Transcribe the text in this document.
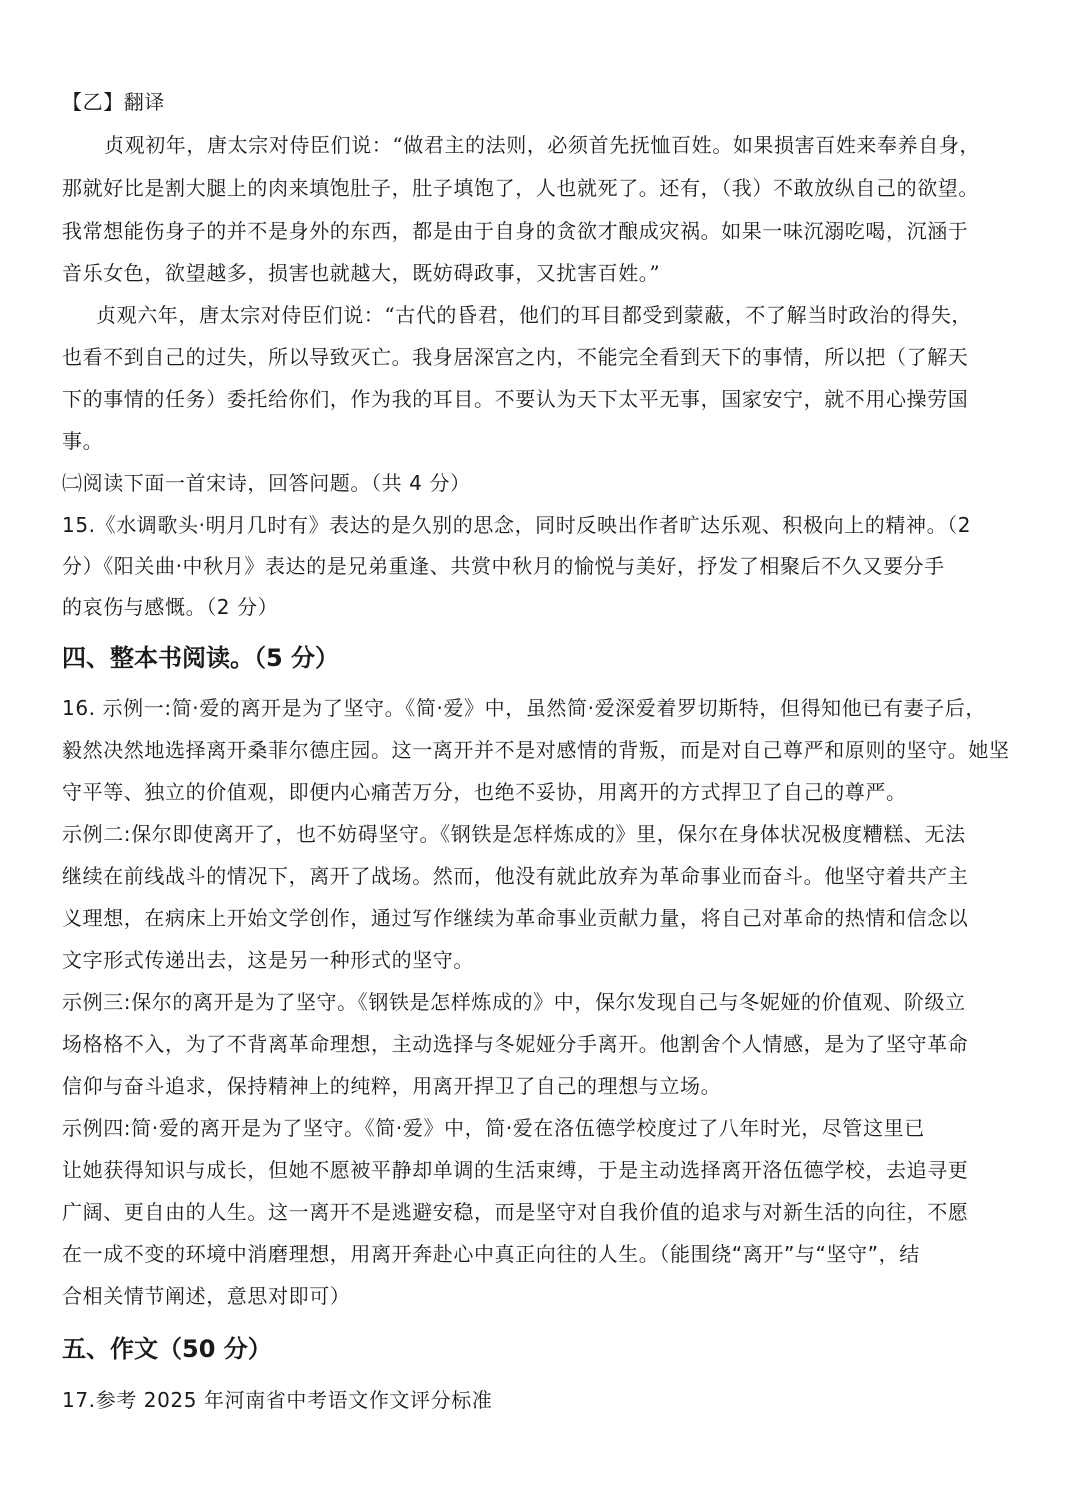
【乙】翻译
贞观初年，唐太宗对侍臣们说：“做君主的法则，必须首先抚恤百姓。如果损害百姓来奉养自身，
那就好比是割大腿上的肉来填饱肚子，肚子填饱了，人也就死了。还有，（我）不敢放纵自己的欲望。
我常想能伤身子的并不是身外的东西，都是由于自身的贪欲才酿成灾祸。如果一味沉溺吃喝，沉涵于
音乐女色，欲望越多，损害也就越大，既妨碍政事，又扰害百姓。”
贞观六年，唐太宗对侍臣们说：“古代的昏君，他们的耳目都受到蒙蔽，不了解当时政治的得失，
也看不到自己的过失，所以导致灭亡。我身居深宫之内，不能完全看到天下的事情，所以把（了解天
下的事情的任务）委托给你们，作为我的耳目。不要认为天下太平无事，国家安宁，就不用心操劳国
事。
㈡阅读下面一首宋诗，回答问题。（共 4 分）
15.《水调歌头·明月几时有》表达的是久别的思念，同时反映出作者旷达乐观、积极向上的精神。（2
分）《阳关曲·中秋月》表达的是兄弟重逢、共赏中秋月的愉悦与美好，抒发了相聚后不久又要分手
的哀伤与感慨。（2 分）
四、整本书阅读。（5 分）
16. 示例一:简·爱的离开是为了坚守。《简·爱》中，虽然简·爱深爱着罗切斯特，但得知他已有妻子后，
毅然决然地选择离开桑菲尔德庄园。这一离开并不是对感情的背叛，而是对自己尊严和原则的坚守。她坚
守平等、独立的价值观，即便内心痛苦万分，也绝不妥协，用离开的方式捍卫了自己的尊严。
示例二:保尔即使离开了，也不妨碍坚守。《钢铁是怎样炼成的》里，保尔在身体状况极度糟糕、无法
继续在前线战斗的情况下，离开了战场。然而，他没有就此放弃为革命事业而奋斗。他坚守着共产主
义理想，在病床上开始文学创作，通过写作继续为革命事业贡献力量，将自己对革命的热情和信念以
文字形式传递出去，这是另一种形式的坚守。
示例三:保尔的离开是为了坚守。《钢铁是怎样炼成的》中，保尔发现自己与冬妮娅的价值观、阶级立
场格格不入，为了不背离革命理想，主动选择与冬妮娅分手离开。他割舍个人情感，是为了坚守革命
信仰与奋斗追求，保持精神上的纯粹，用离开捍卫了自己的理想与立场。
示例四:简·爱的离开是为了坚守。《简·爱》中，简·爱在洛伍德学校度过了八年时光，尽管这里已
让她获得知识与成长，但她不愿被平静却单调的生活束缚，于是主动选择离开洛伍德学校，去追寻更
广阔、更自由的人生。这一离开不是逃避安稳，而是坚守对自我价值的追求与对新生活的向往，不愿
在一成不变的环境中消磨理想，用离开奔赴心中真正向往的人生。（能围绕“离开”与“坚守”，结
合相关情节阐述，意思对即可）
五、作文（50 分）
17.参考 2025 年河南省中考语文作文评分标准
